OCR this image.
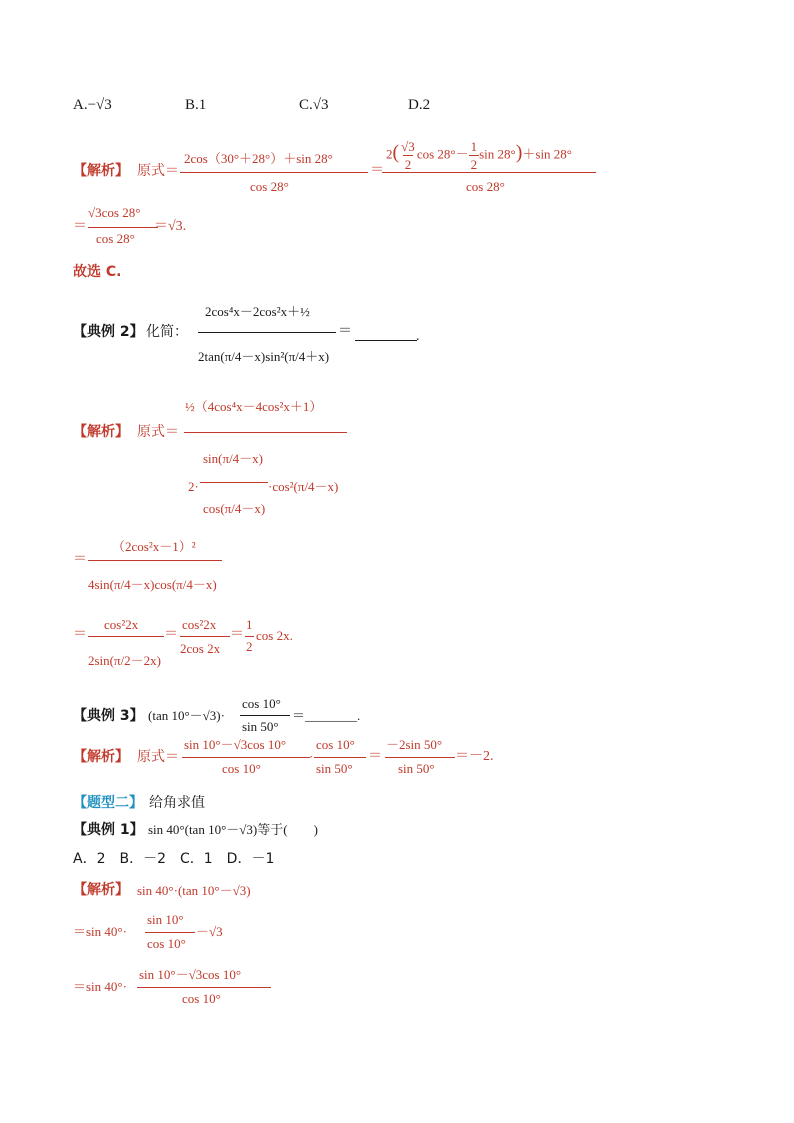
A.−√3	B.1	C.√3	D.2
【解析】 原式＝
2cos（30°＋28°）＋sin 28°
cos 28°
＝
$2( \frac{√3}{2}$ $\cos 28^\circ- \frac{1}{2}$ sin 28°)＋sin 28°
cos 28°
＝
√3cos 28°
cos 28°
＝√3.
故选 C.
【典例 2】 化简：
2cos⁴x－2cos²x＋½
2tan(π/4－x)sin²(π/4＋x)
＝	.
【解析】 原式＝
½（4cos⁴x－4cos²x＋1）
2·
sin(π/4－x)
cos(π/4－x)
·cos²(π/4－x)
＝
（2cos²x－1）²
4sin(π/4－x)cos(π/4－x)
＝
cos²2x
2sin(π/2－2x)
＝
cos²2x
2cos 2x
＝
1
2
cos 2x.
【典例 3】 (tan 10°－√3)·
cos 10°
sin 50°
＝________.
【解析】 原式＝
sin 10°－√3cos 10°
cos 10°
·
cos 10°
sin 50°
＝
－2sin 50°
sin 50°
＝－2.
【题型二】 给角求值
【典例 1】 sin 40°(tan 10°－√3)等于(　　)
A．2　B．－2　C．1　D．－1
【解析】 sin 40°·(tan 10°－√3)
＝sin 40°·
sin 10°
cos 10°
－√3
＝sin 40°·
sin 10°－√3cos 10°
cos 10°
